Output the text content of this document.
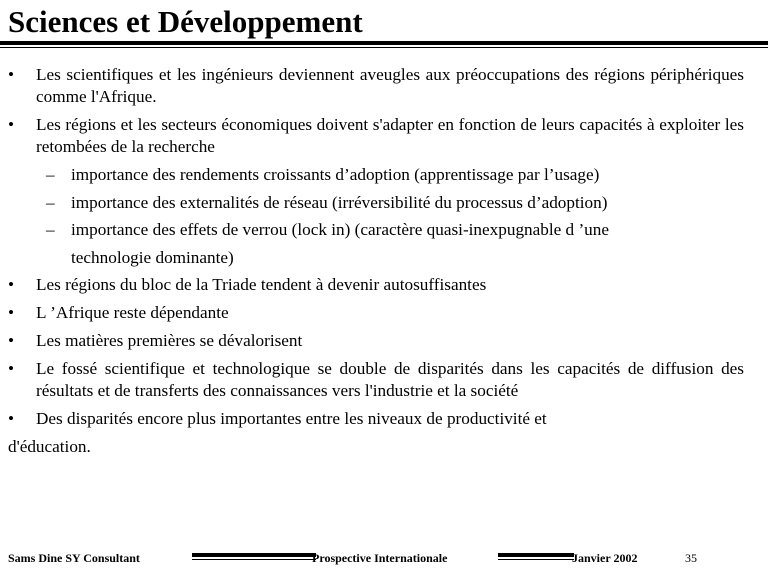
Sciences et Développement
• Les scientifiques et les ingénieurs deviennent aveugles aux préoccupations des régions périphériques comme l'Afrique.
• Les régions et les secteurs économiques doivent s'adapter en fonction de leurs capacités à exploiter les retombées de la recherche
– importance des rendements croissants d’adoption (apprentissage par l’usage)
– importance des externalités de réseau (irréversibilité du processus d’adoption)
– importance des effets de verrou (lock in) (caractère quasi-inexpugnable d ’une technologie dominante)
• Les régions du bloc de la Triade tendent à devenir autosuffisantes
• L ’Afrique reste dépendante
• Les matières premières se dévalorisent
• Le fossé scientifique et technologique se double de disparités dans les capacités de diffusion des résultats et de transferts des connaissances vers l'industrie et la société
• Des disparités encore plus importantes entre les niveaux de productivité et
d'éducation.
Sams Dine SY Consultant	Prospective Internationale	Janvier 2002	35
